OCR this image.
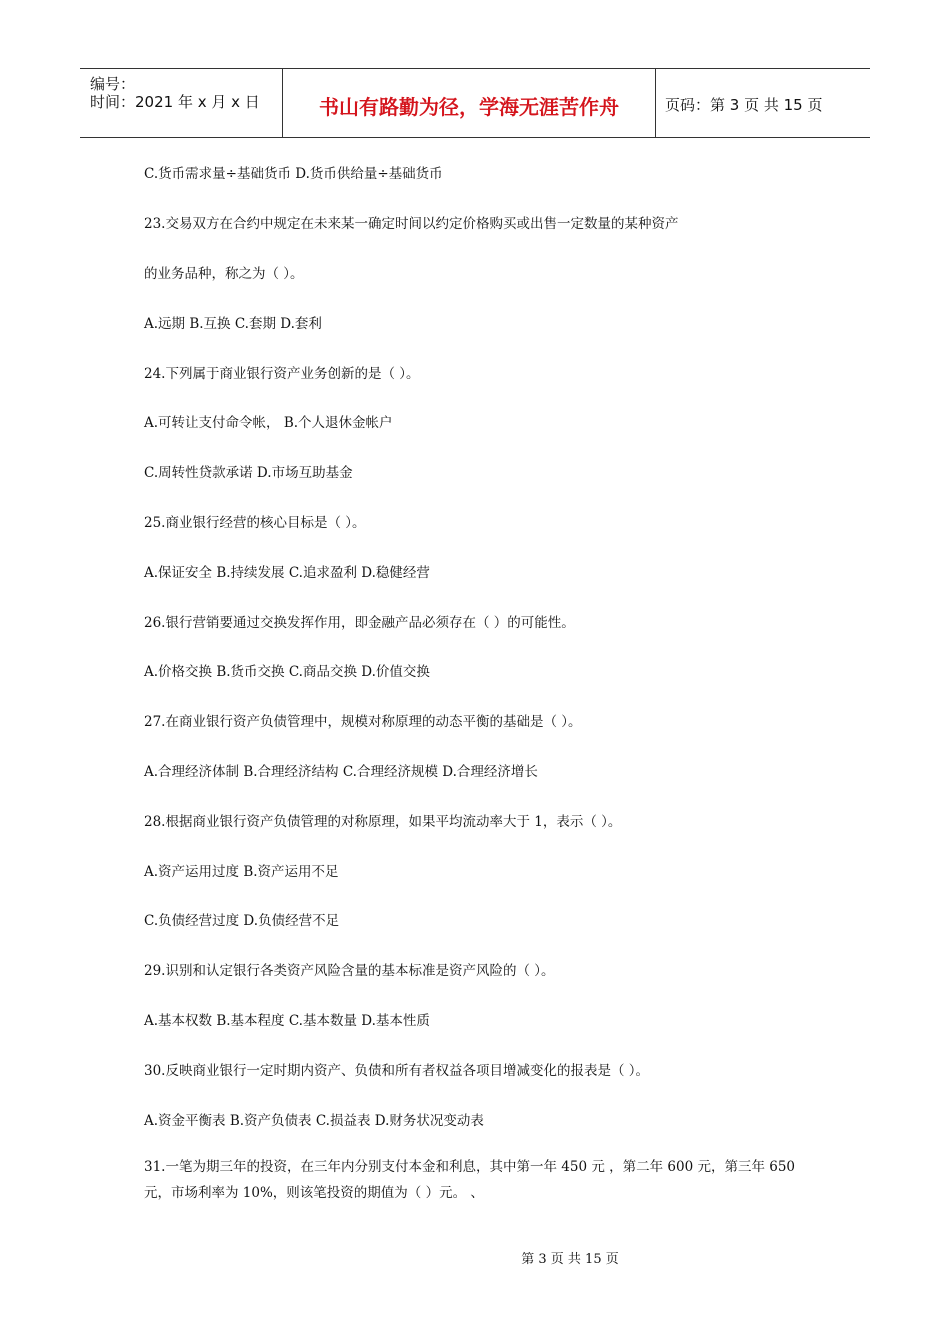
编号：
时间：2021 年 x 月 x 日	书山有路勤为径，学海无涯苦作舟	页码：第 3 页 共 15 页
C.货币需求量÷基础货币 D.货币供给量÷基础货币
23.交易双方在合约中规定在未来某一确定时间以约定价格购买或出售一定数量的某种资产
的业务品种，称之为（ ）。
A.远期 B.互换 C.套期 D.套利
24.下列属于商业银行资产业务创新的是（ ）。
A.可转让支付命令帐， B.个人退休金帐户
C.周转性贷款承诺 D.市场互助基金
25.商业银行经营的核心目标是（ ）。
A.保证安全 B.持续发展 C.追求盈利 D.稳健经营
26.银行营销要通过交换发挥作用，即金融产品必须存在（ ）的可能性。
A.价格交换 B.货币交换 C.商品交换 D.价值交换
27.在商业银行资产负债管理中，规模对称原理的动态平衡的基础是（ ）。
A.合理经济体制 B.合理经济结构 C.合理经济规模 D.合理经济增长
28.根据商业银行资产负债管理的对称原理，如果平均流动率大于 1，表示（ ）。
A.资产运用过度 B.资产运用不足
C.负债经营过度 D.负债经营不足
29.识别和认定银行各类资产风险含量的基本标准是资产风险的（ ）。
A.基本权数 B.基本程度 C.基本数量 D.基本性质
30.反映商业银行一定时期内资产、负债和所有者权益各项目增减变化的报表是（ ）。
A.资金平衡表 B.资产负债表 C.损益表 D.财务状况变动表
31.一笔为期三年的投资，在三年内分别支付本金和利息，其中第一年 450 元 ，第二年 600 元，第三年 650 元，市场利率为 10%，则该笔投资的期值为（ ）元。 、
第 3 页 共 15 页
